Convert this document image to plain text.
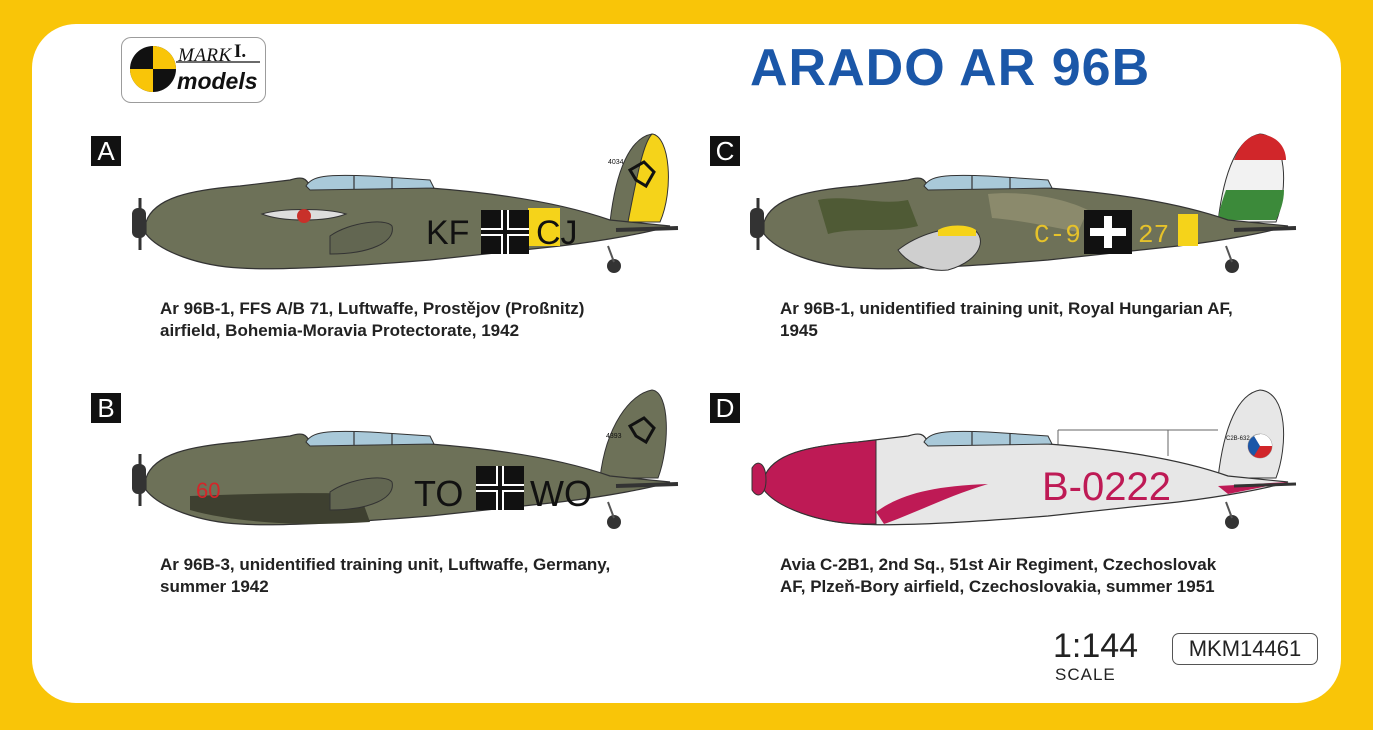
MARK I.
models	ARADO AR 96B
A
B
C
D
4034
KF CJ
4393
60	TO WO
C-9 27
C2B-632
B-0222
Ar 96B-1, FFS A/B 71, Luftwaffe, Prostějov (Proßnitz)
airfield, Bohemia-Moravia Protectorate, 1942
Ar 96B-3, unidentified training unit, Luftwaffe, Germany,
summer 1942
Ar 96B-1, unidentified training unit, Royal Hungarian AF,
1945
Avia C-2B1, 2nd Sq., 51st Air Regiment, Czechoslovak
AF, Plzeň-Bory airfield, Czechoslovakia, summer 1951
1:144
SCALE
MKM14461
